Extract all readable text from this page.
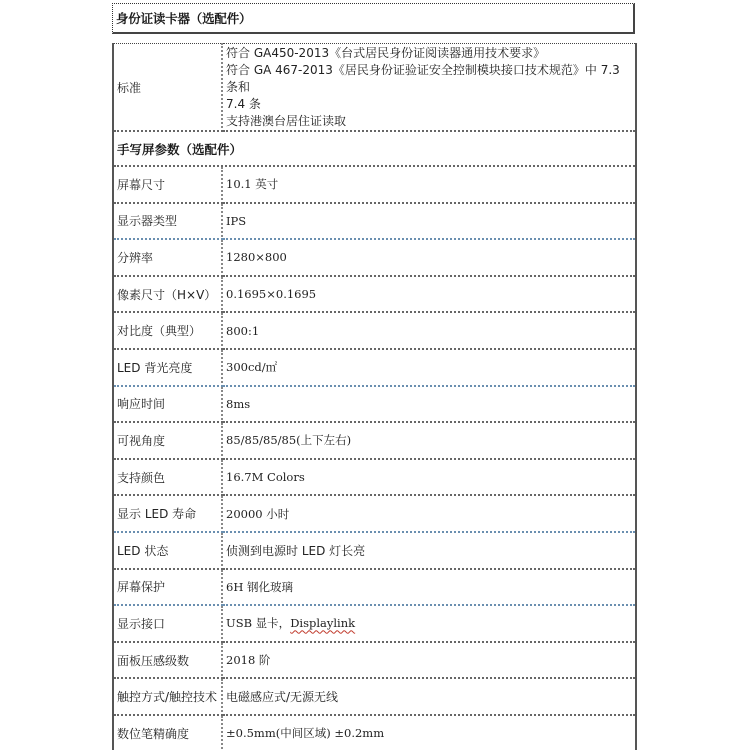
身份证读卡器（选配件）
标准	符合 GA450-2013《台式居民身份证阅读器通用技术要求》
符合 GA 467-2013《居民身份证验证安全控制模块接口技术规范》中 7.3 条和
7.4 条
支持港澳台居住证读取

手写屏参数（选配件）	
屏幕尺寸	10.1 英寸
显示器类型	IPS
分辨率	1280×800
像素尺寸（H×V）	0.1695×0.1695
对比度（典型）	800:1
LED 背光亮度	300cd/㎡
响应时间	8ms
可视角度	85/85/85/85(上下左右)
支持颜色	16.7M Colors
显示 LED 寿命	20000 小时
LED 状态	侦测到电源时 LED 灯长亮
屏幕保护	6H 钢化玻璃
显示接口	USB 显卡，Displaylink
面板压感级数	2018 阶
触控方式/触控技术	电磁感应式/无源无线
数位笔精确度	±0.5mm(中间区域) ±0.2mm
